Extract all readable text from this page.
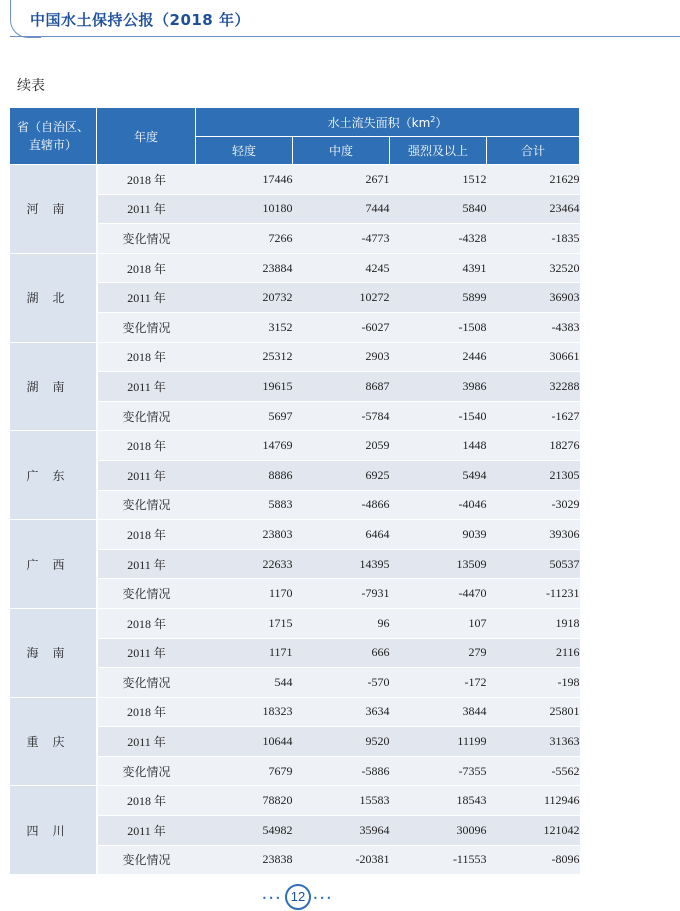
中国水土保持公报（2018 年）
续表
省（自治区、
直辖市）	年度	水土流失面积$(km^2)$			
		轻度	中度	强烈及以上	合计
河南	2018 年	17446	2671	1512	21629
	2011 年	10180	7444	5840	23464
	变化情况	7266	-4773	-4328	-1835
湖北	2018 年	23884	4245	4391	32520
	2011 年	20732	10272	5899	36903
	变化情况	3152	-6027	-1508	-4383
湖南	2018 年	25312	2903	2446	30661
	2011 年	19615	8687	3986	32288
	变化情况	5697	-5784	-1540	-1627
广东	2018 年	14769	2059	1448	18276
	2011 年	8886	6925	5494	21305
	变化情况	5883	-4866	-4046	-3029
广西	2018 年	23803	6464	9039	39306
	2011 年	22633	14395	13509	50537
	变化情况	1170	-7931	-4470	-11231
海南	2018 年	1715	96	107	1918
	2011 年	1171	666	279	2116
	变化情况	544	-570	-172	-198
重庆	2018 年	18323	3634	3844	25801
	2011 年	10644	9520	11199	31363
	变化情况	7679	-5886	-7355	-5562
四川	2018 年	78820	15583	18543	112946
	2011 年	54982	35964	30096	121042
	变化情况	23838	-20381	-11553	-8096
••• 12 •••
